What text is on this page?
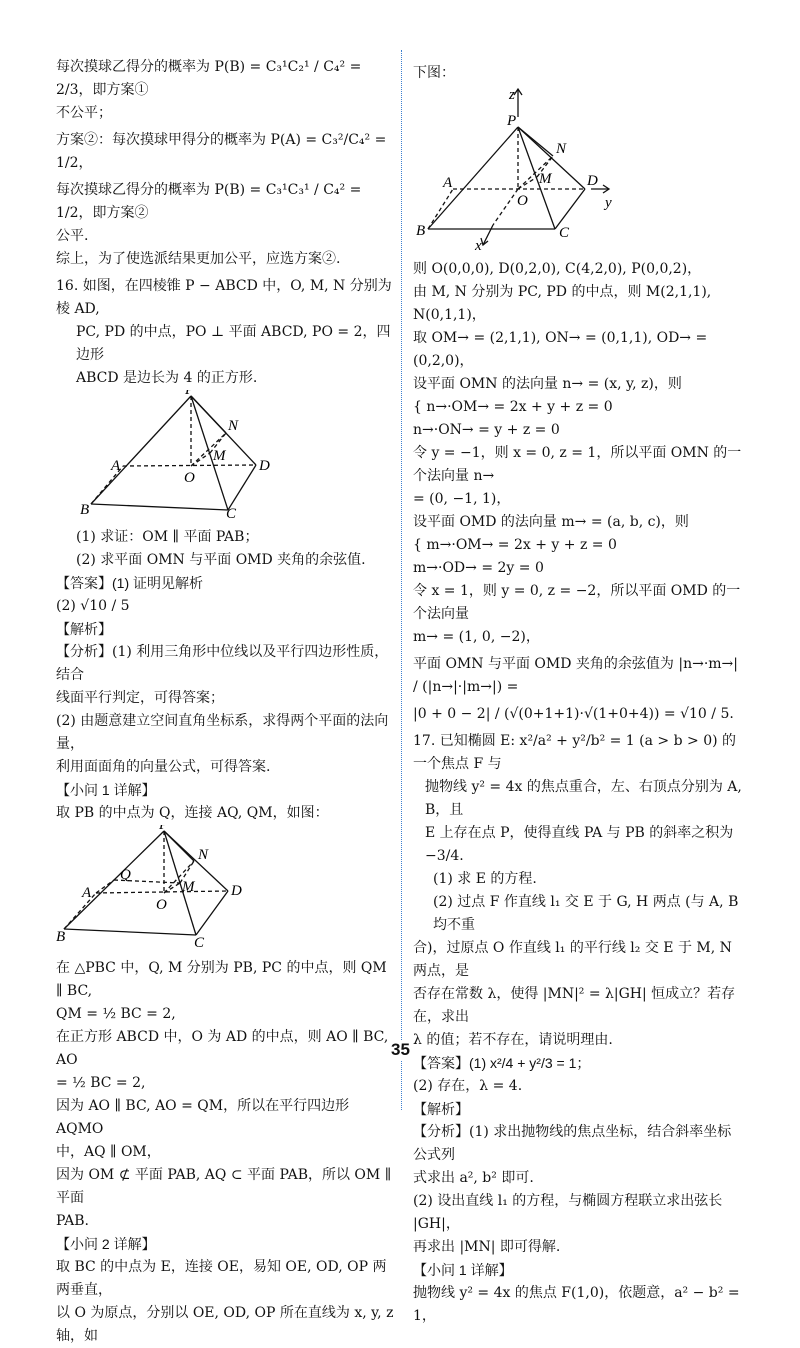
每次摸球乙得分的概率为 P(B) = C₃¹C₂¹ / C₄² = 2/3，即方案①

不公平；

方案②：每次摸球甲得分的概率为 P(A) = C₃²/C₄² = 1/2，

每次摸球乙得分的概率为 P(B) = C₃¹C₃¹ / C₄² = 1/2，即方案②

公平.

综上，为了使选派结果更加公平，应选方案②.

16. 如图，在四棱锥 P − ABCD 中，O, M, N 分别为棱 AD,

PC, PD 的中点，PO ⊥ 平面 ABCD, PO = 2，四边形

ABCD 是边长为 4 的正方形.

P
N
A
M
O
D
B	C

(1) 求证：OM ∥ 平面 PAB；

(2) 求平面 OMN 与平面 OMD 夹角的余弦值.

【答案】(1) 证明见解析

(2) √10 / 5

【解析】

【分析】(1) 利用三角形中位线以及平行四边形性质，结合

线面平行判定，可得答案；

(2) 由题意建立空间直角坐标系，求得两个平面的法向量，

利用面面角的向量公式，可得答案.

【小问 1 详解】

取 PB 的中点为 Q，连接 AQ, QM，如图：

P
N
Q
A	M
O
D
B	C

在 △PBC 中，Q, M 分别为 PB, PC 的中点，则 QM ∥ BC,

QM = ½ BC = 2,

在正方形 ABCD 中，O 为 AD 的中点，则 AO ∥ BC, AO

= ½ BC = 2,

因为 AO ∥ BC, AO = QM，所以在平行四边形 AQMO

中，AQ ∥ OM，

因为 OM ⊄ 平面 PAB, AQ ⊂ 平面 PAB，所以 OM ∥ 平面

PAB.

【小问 2 详解】

取 BC 的中点为 E，连接 OE，易知 OE, OD, OP 两两垂直，

以 O 为原点，分别以 OE, OD, OP 所在直线为 x, y, z 轴，如

下图：

z
P
N
A	M
O
D
y
B	C
x

则 O(0,0,0), D(0,2,0), C(4,2,0), P(0,0,2)，

由 M, N 分别为 PC, PD 的中点，则 M(2,1,1), N(0,1,1)，

取 OM→ = (2,1,1), ON→ = (0,1,1), OD→ = (0,2,0)，

设平面 OMN 的法向量 n→ = (x, y, z)，则

{ n→·OM→ = 2x + y + z = 0

n→·ON→ = y + z = 0

令 y = −1，则 x = 0, z = 1，所以平面 OMN 的一个法向量 n→

= (0, −1, 1)，

设平面 OMD 的法向量 m→ = (a, b, c)，则

{ m→·OM→ = 2x + y + z = 0

m→·OD→ = 2y = 0

令 x = 1，则 y = 0, z = −2，所以平面 OMD 的一个法向量

m→ = (1, 0, −2)，

平面 OMN 与平面 OMD 夹角的余弦值为 |n→·m→| / (|n→|·|m→|) =

|0 + 0 − 2| / (√(0+1+1)·√(1+0+4)) = √10 / 5.

17. 已知椭圆 E: x²/a² + y²/b² = 1 (a > b > 0) 的一个焦点 F 与

抛物线 y² = 4x 的焦点重合，左、右顶点分别为 A, B，且

E 上存在点 P，使得直线 PA 与 PB 的斜率之积为

−3/4.

(1) 求 E 的方程.

(2) 过点 F 作直线 l₁ 交 E 于 G, H 两点 (与 A, B 均不重

合)，过原点 O 作直线 l₁ 的平行线 l₂ 交 E 于 M, N 两点，是

否存在常数 λ，使得 |MN|² = λ|GH| 恒成立？若存在，求出

λ 的值；若不存在，请说明理由.

【答案】(1) x²/4 + y²/3 = 1；

(2) 存在，λ = 4.

【解析】

【分析】(1) 求出抛物线的焦点坐标，结合斜率坐标公式列

式求出 a², b² 即可.

(2) 设出直线 l₁ 的方程，与椭圆方程联立求出弦长 |GH|，

再求出 |MN| 即可得解.

【小问 1 详解】

抛物线 y² = 4x 的焦点 F(1,0)，依题意，a² − b² = 1，

35
